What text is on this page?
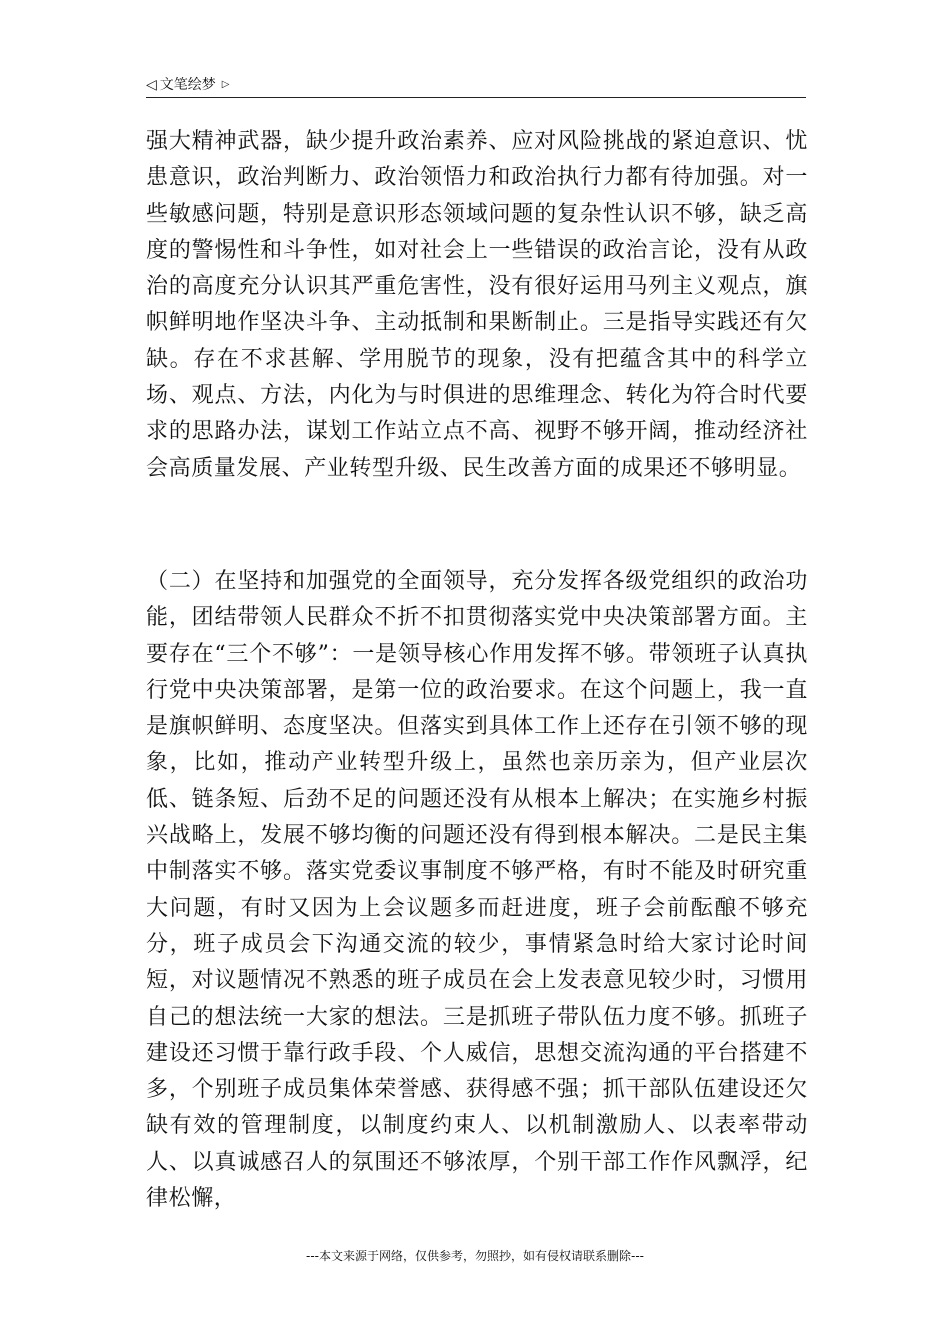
◁ 文笔绘梦 ▷
强大精神武器，缺少提升政治素养、应对风险挑战的紧迫意识、忧患意识，政治判断力、政治领悟力和政治执行力都有待加强。对一些敏感问题，特别是意识形态领域问题的复杂性认识不够，缺乏高度的警惕性和斗争性，如对社会上一些错误的政治言论，没有从政治的高度充分认识其严重危害性，没有很好运用马列主义观点，旗帜鲜明地作坚决斗争、主动抵制和果断制止。三是指导实践还有欠缺。存在不求甚解、学用脱节的现象，没有把蕴含其中的科学立场、观点、方法，内化为与时俱进的思维理念、转化为符合时代要求的思路办法，谋划工作站立点不高、视野不够开阔，推动经济社会高质量发展、产业转型升级、民生改善方面的成果还不够明显。
（二）在坚持和加强党的全面领导，充分发挥各级党组织的政治功能，团结带领人民群众不折不扣贯彻落实党中央决策部署方面。主要存在“三个不够”：一是领导核心作用发挥不够。带领班子认真执行党中央决策部署，是第一位的政治要求。在这个问题上，我一直是旗帜鲜明、态度坚决。但落实到具体工作上还存在引领不够的现象，比如，推动产业转型升级上，虽然也亲历亲为，但产业层次低、链条短、后劲不足的问题还没有从根本上解决；在实施乡村振兴战略上，发展不够均衡的问题还没有得到根本解决。二是民主集中制落实不够。落实党委议事制度不够严格，有时不能及时研究重大问题，有时又因为上会议题多而赶进度，班子会前酝酿不够充分，班子成员会下沟通交流的较少，事情紧急时给大家讨论时间短，对议题情况不熟悉的班子成员在会上发表意见较少时，习惯用自己的想法统一大家的想法。三是抓班子带队伍力度不够。抓班子建设还习惯于靠行政手段、个人威信，思想交流沟通的平台搭建不多，个别班子成员集体荣誉感、获得感不强；抓干部队伍建设还欠缺有效的管理制度，以制度约束人、以机制激励人、以表率带动人、以真诚感召人的氛围还不够浓厚，个别干部工作作风飘浮，纪律松懈，
---本文来源于网络，仅供参考，勿照抄，如有侵权请联系删除---
